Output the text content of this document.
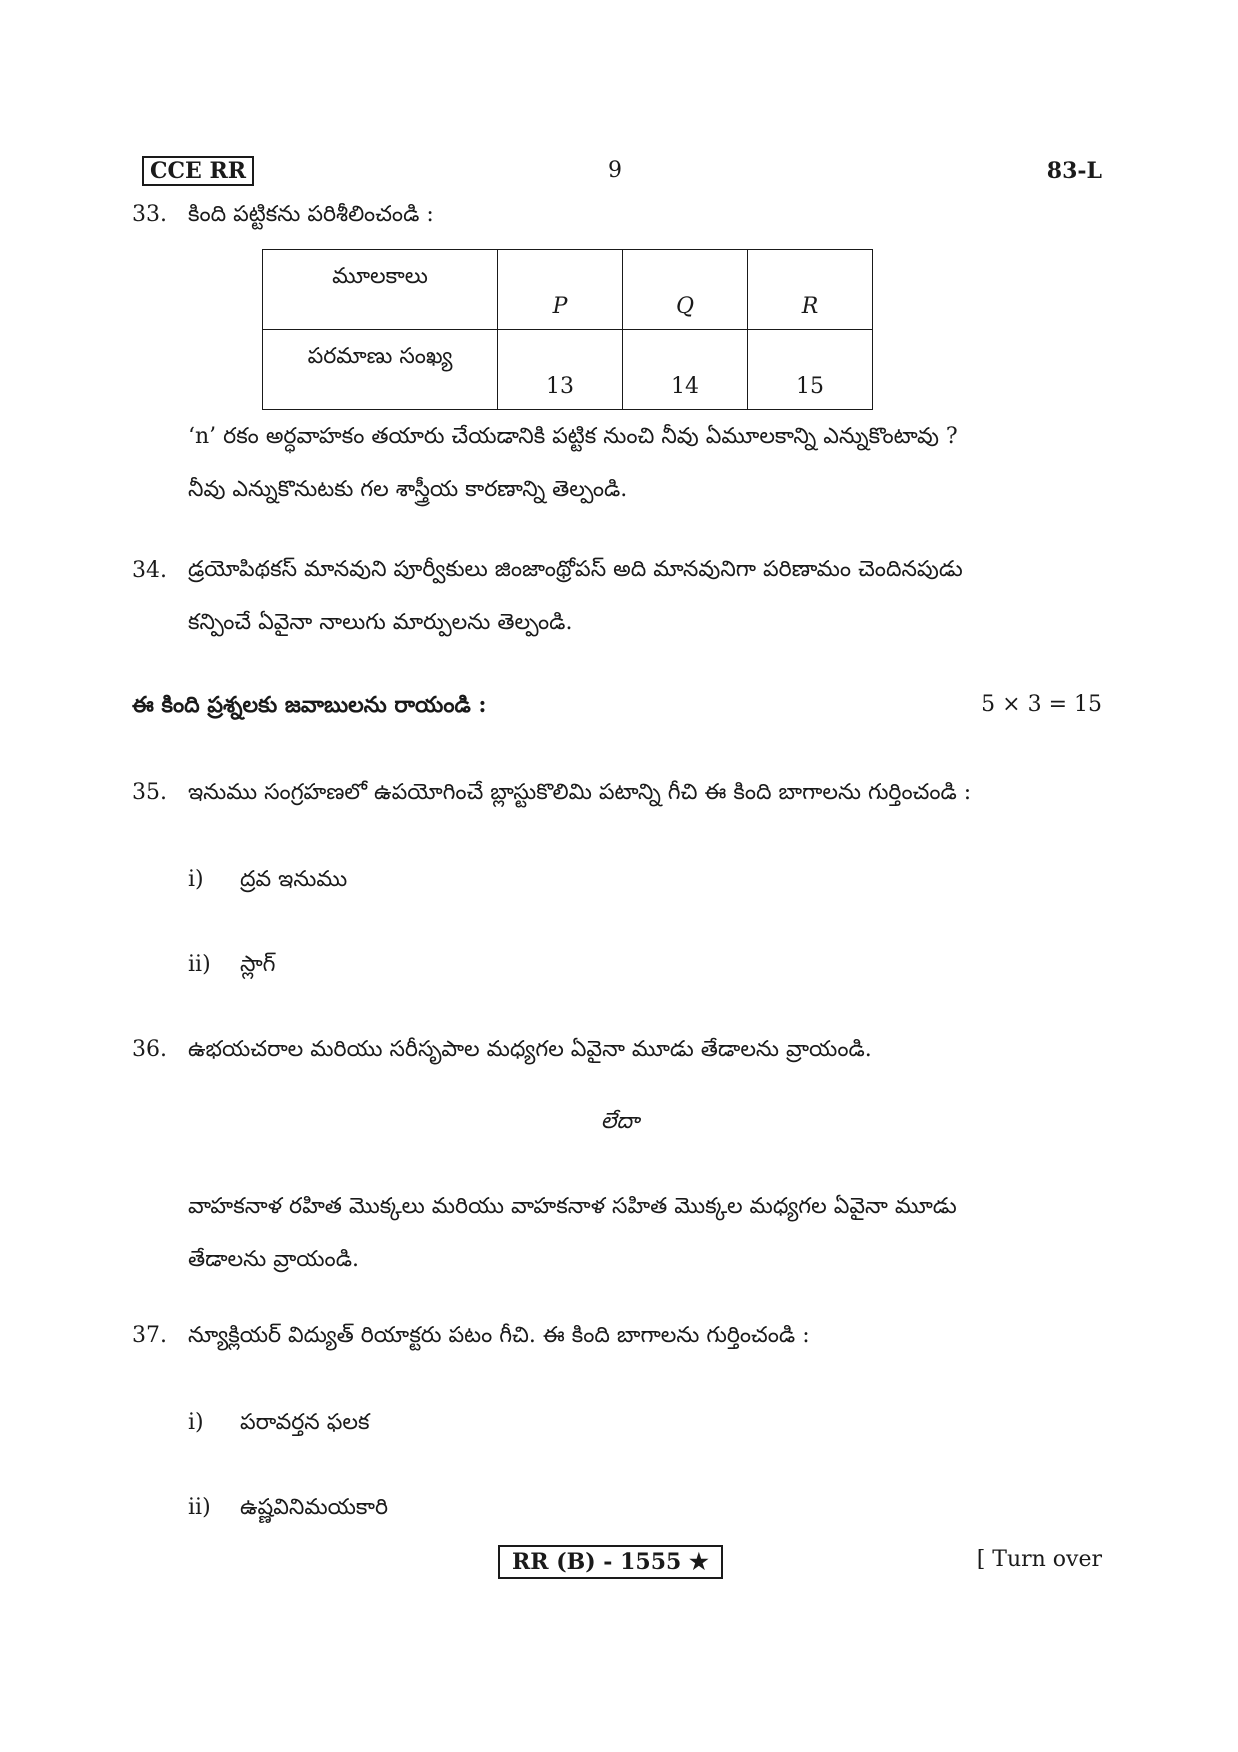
CCE RR	9	83-L
33. కింది పట్టికను పరిశీలించండి :
మూలకాలు	P	Q	R
పరమాణు సంఖ్య	13	14	15
‘n’ రకం అర్ధవాహకం తయారు చేయడానికి పట్టిక నుంచి నీవు ఏమూలకాన్ని ఎన్నుకొంటావు ?
నీవు ఎన్నుకొనుటకు గల శాస్త్రీయ కారణాన్ని తెల్పండి.
34. డ్రయోపిథకస్ మానవుని పూర్వీకులు జింజాంథ్రోపస్ అది మానవునిగా పరిణామం చెందినపుడు
కన్పించే ఏవైనా నాలుగు మార్పులను తెల్పండి.
ఈ కింది ప్రశ్నలకు జవాబులను రాయండి :	5 × 3 = 15
35. ఇనుము సంగ్రహణలో ఉపయోగించే బ్లాస్టుకొలిమి పటాన్ని గీచి ఈ కింది బాగాలను గుర్తించండి :
i) ద్రవ ఇనుము
ii) స్లాగ్
36. ఉభయచరాల మరియు సరీసృపాల మధ్యగల ఏవైనా మూడు తేడాలను వ్రాయండి.
లేదా
వాహకనాళ రహిత మొక్కలు మరియు వాహకనాళ సహిత మొక్కల మధ్యగల ఏవైనా మూడు
తేడాలను వ్రాయండి.
37. న్యూక్లియర్ విద్యుత్ రియాక్టరు పటం గీచి. ఈ కింది బాగాలను గుర్తించండి :
i) పరావర్తన ఫలక
ii) ఉష్ణవినిమయకారి
RR (B) - 1555 ★	[ Turn over
